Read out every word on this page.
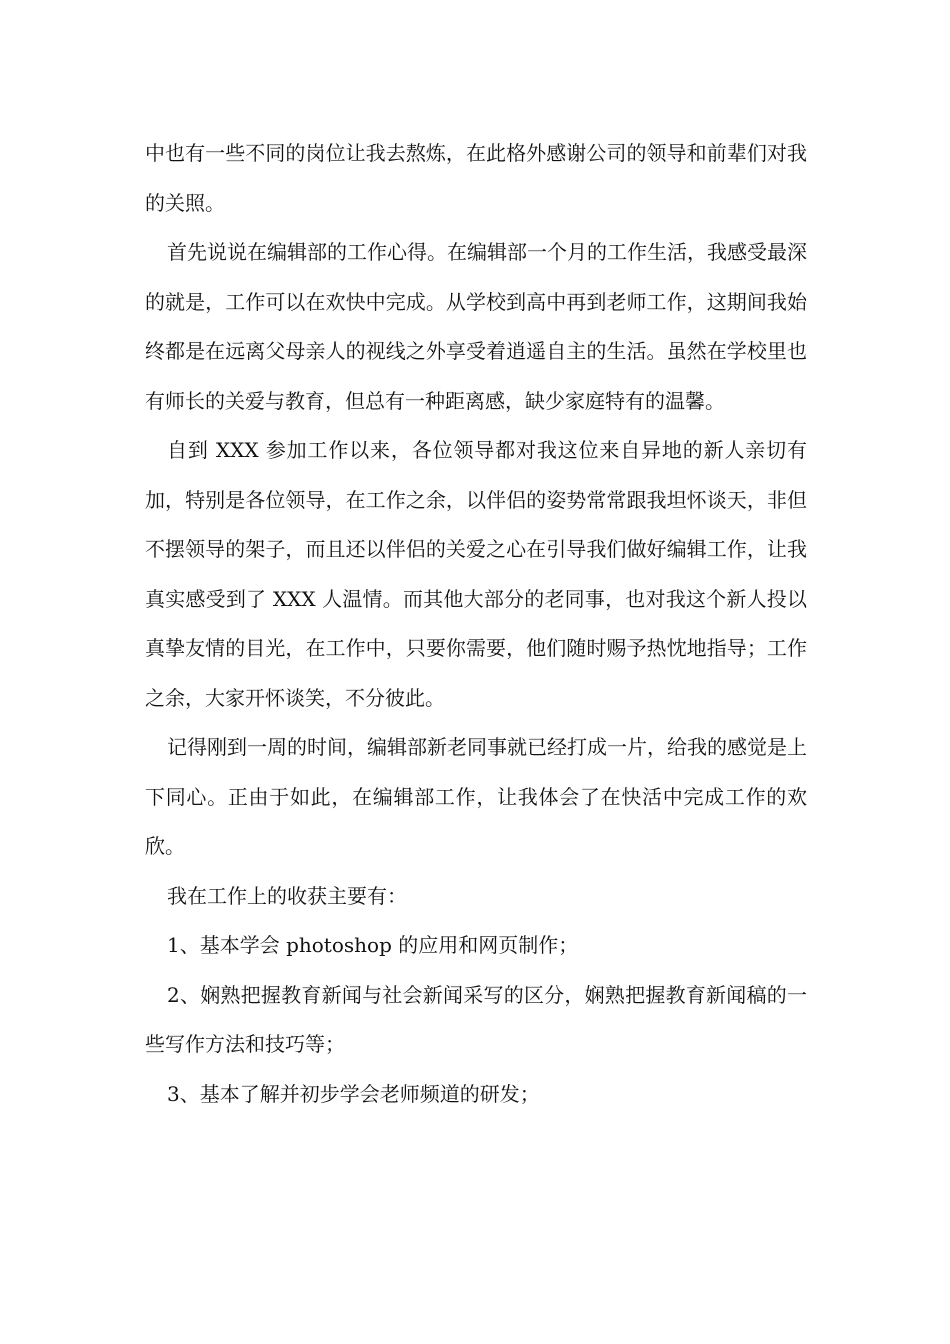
中也有一些不同的岗位让我去熬炼，在此格外感谢公司的领导和前辈们对我的关照。

首先说说在编辑部的工作心得。在编辑部一个月的工作生活，我感受最深的就是，工作可以在欢快中完成。从学校到高中再到老师工作，这期间我始终都是在远离父母亲人的视线之外享受着逍遥自主的生活。虽然在学校里也有师长的关爱与教育，但总有一种距离感，缺少家庭特有的温馨。

自到 XXX 参加工作以来，各位领导都对我这位来自异地的新人亲切有加，特别是各位领导，在工作之余，以伴侣的姿势常常跟我坦怀谈天，非但不摆领导的架子，而且还以伴侣的关爱之心在引导我们做好编辑工作，让我真实感受到了 XXX 人温情。而其他大部分的老同事，也对我这个新人投以真挚友情的目光，在工作中，只要你需要，他们随时赐予热忱地指导；工作之余，大家开怀谈笑，不分彼此。

记得刚到一周的时间，编辑部新老同事就已经打成一片，给我的感觉是上下同心。正由于如此，在编辑部工作，让我体会了在快活中完成工作的欢欣。

我在工作上的收获主要有：

1、基本学会 photoshop 的应用和网页制作；

2、娴熟把握教育新闻与社会新闻采写的区分，娴熟把握教育新闻稿的一些写作方法和技巧等；

3、基本了解并初步学会老师频道的研发；
